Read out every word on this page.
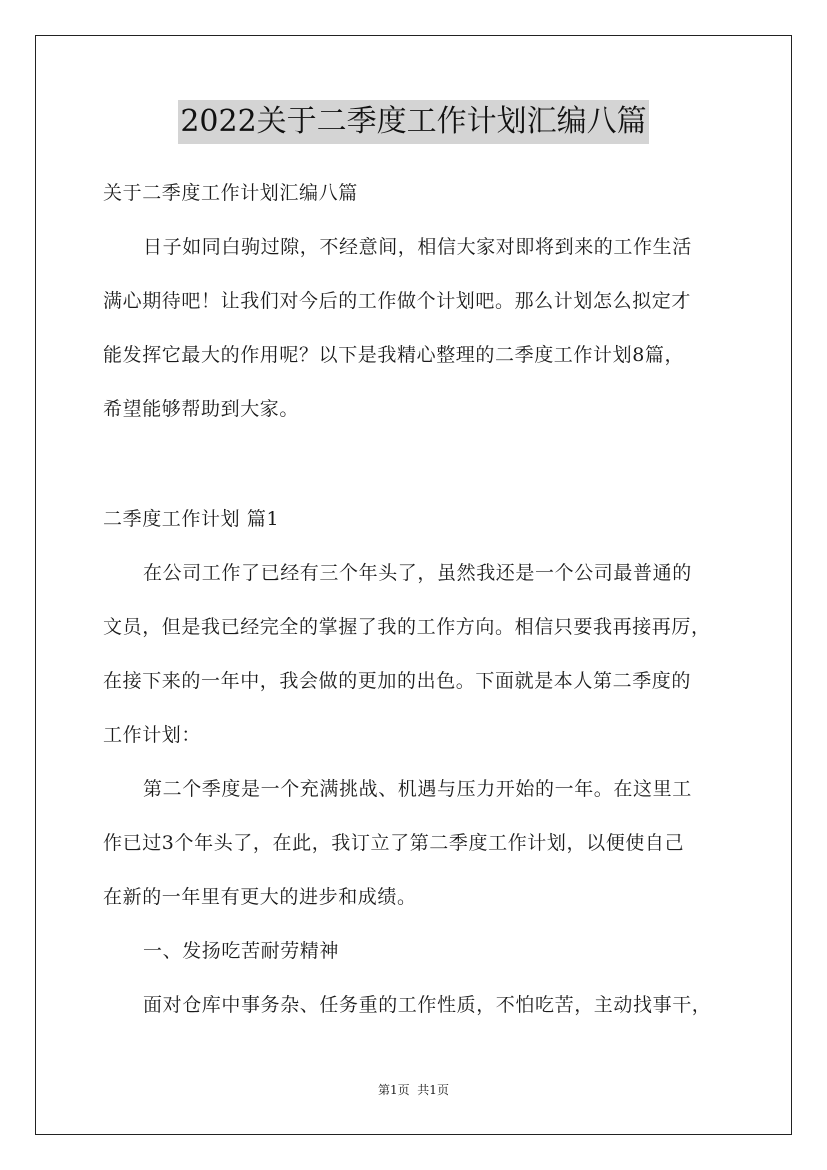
2022关于二季度工作计划汇编八篇
关于二季度工作计划汇编八篇
日子如同白驹过隙，不经意间，相信大家对即将到来的工作生活
满心期待吧！让我们对今后的工作做个计划吧。那么计划怎么拟定才
能发挥它最大的作用呢？以下是我精心整理的二季度工作计划8篇，
希望能够帮助到大家。
二季度工作计划 篇1
在公司工作了已经有三个年头了，虽然我还是一个公司最普通的
文员，但是我已经完全的掌握了我的工作方向。相信只要我再接再厉，
在接下来的一年中，我会做的更加的出色。下面就是本人第二季度的
工作计划：
第二个季度是一个充满挑战、机遇与压力开始的一年。在这里工
作已过3个年头了，在此，我订立了第二季度工作计划，以便使自己
在新的一年里有更大的进步和成绩。
一、发扬吃苦耐劳精神
面对仓库中事务杂、任务重的工作性质，不怕吃苦，主动找事干，
第1页  共1页
